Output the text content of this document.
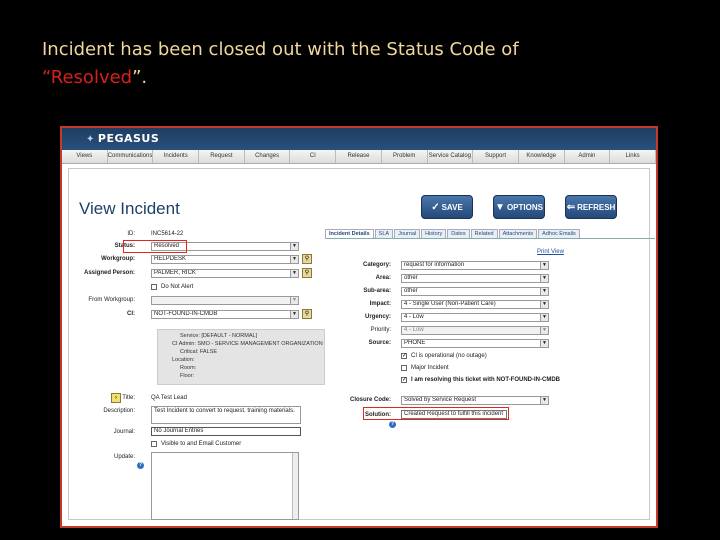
Incident has been closed out with the Status Code of
“Resolved”.
✦ PEGASUS
Views	Communications	Incidents	Request	Changes	CI	Release	Problem	Service Catalog	Support	Knowledge	Admin	Links
View Incident	✓ SAVE	▼ OPTIONS ⇐ REFRESH
ID:	INC5614-22
Status:	Resolved	▼
Workgroup:	HELPDESK	▼	⚲
Assigned Person:	PALMER, RICK	▼	⚲
Do Not Alert
From Workgroup:	▼
CI:	NOT-FOUND-IN-CMDB	▼	⚲
Service: [DEFAULT - NORMAL]
CI Admin: SMO - SERVICE MANAGEMENT ORGANIZATION
Critical: FALSE
Location:
Room:
Floor:
› Title:	QA Test Lead
Description:	Test Incident to convert to request. training materials.
Journal:	No Journal Entries
Visible to and Email Customer
Update:
?
Incident Details	SLA	Journal	History	Dates	Related	Attachments	Adhoc Emails
Print View
Category:	request for information	▼
Area:	other	▼
Sub-area:	other	▼
Impact:	4 - Single User (Non-Patient Care)	▼
Urgency:	4 - Low	▼
Priority:	4 - Low	▼
Source:	PHONE	▼
✓ CI is operational (no outage)
Major Incident
✓ I am resolving this ticket with NOT-FOUND-IN-CMDB
Closure Code:	Solved by Service Request	▼
Solution:	Created Request to fulfill this incident
?
